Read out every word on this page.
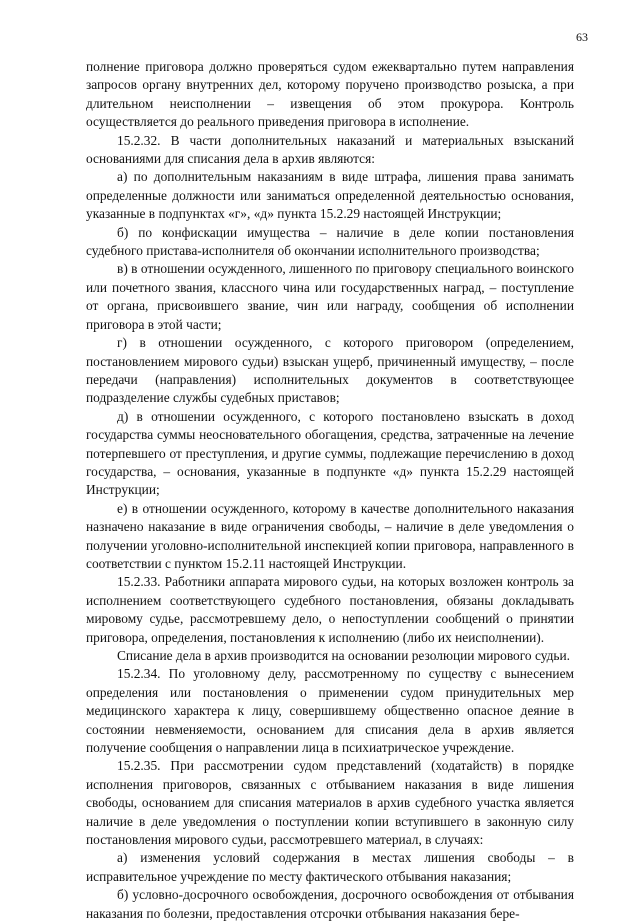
63

полнение приговора должно проверяться судом ежеквартально путем направления запросов органу внутренних дел, которому поручено производство розыска, а при длительном неисполнении – извещения об этом прокурора. Контроль осуществляется до реального приведения приговора в исполнение.

15.2.32. В части дополнительных наказаний и материальных взысканий основаниями для списания дела в архив являются:

а) по дополнительным наказаниям в виде штрафа, лишения права занимать определенные должности или заниматься определенной деятельностью основания, указанные в подпунктах «г», «д» пункта 15.2.29 настоящей Инструкции;

б) по конфискации имущества – наличие в деле копии постановления судебного пристава-исполнителя об окончании исполнительного производства;

в) в отношении осужденного, лишенного по приговору специального воинского или почетного звания, классного чина или государственных наград, – поступление от органа, присвоившего звание, чин или награду, сообщения об исполнении приговора в этой части;

г) в отношении осужденного, с которого приговором (определением, постановлением мирового судьи) взыскан ущерб, причиненный имуществу, – после передачи (направления) исполнительных документов в соответствующее подразделение службы судебных приставов;

д) в отношении осужденного, с которого постановлено взыскать в доход государства суммы неосновательного обогащения, средства, затраченные на лечение потерпевшего от преступления, и другие суммы, подлежащие перечислению в доход государства, – основания, указанные в подпункте «д» пункта 15.2.29 настоящей Инструкции;

е) в отношении осужденного, которому в качестве дополнительного наказания назначено наказание в виде ограничения свободы, – наличие в деле уведомления о получении уголовно-исполнительной инспекцией копии приговора, направленного в соответствии с пунктом 15.2.11 настоящей Инструкции.

15.2.33. Работники аппарата мирового судьи, на которых возложен контроль за исполнением соответствующего судебного постановления, обязаны докладывать мировому судье, рассмотревшему дело, о непоступлении сообщений о принятии приговора, определения, постановления к исполнению (либо их неисполнении).

Списание дела в архив производится на основании резолюции мирового судьи.

15.2.34. По уголовному делу, рассмотренному по существу с вынесением определения или постановления о применении судом принудительных мер медицинского характера к лицу, совершившему общественно опасное деяние в состоянии невменяемости, основанием для списания дела в архив является получение сообщения о направлении лица в психиатрическое учреждение.

15.2.35. При рассмотрении судом представлений (ходатайств) в порядке исполнения приговоров, связанных с отбыванием наказания в виде лишения свободы, основанием для списания материалов в архив судебного участка является наличие в деле уведомления о поступлении копии вступившего в законную силу постановления мирового судьи, рассмотревшего материал, в случаях:

а) изменения условий содержания в местах лишения свободы – в исправительное учреждение по месту фактического отбывания наказания;

б) условно-досрочного освобождения, досрочного освобождения от отбывания наказания по болезни, предоставления отсрочки отбывания наказания бере-
